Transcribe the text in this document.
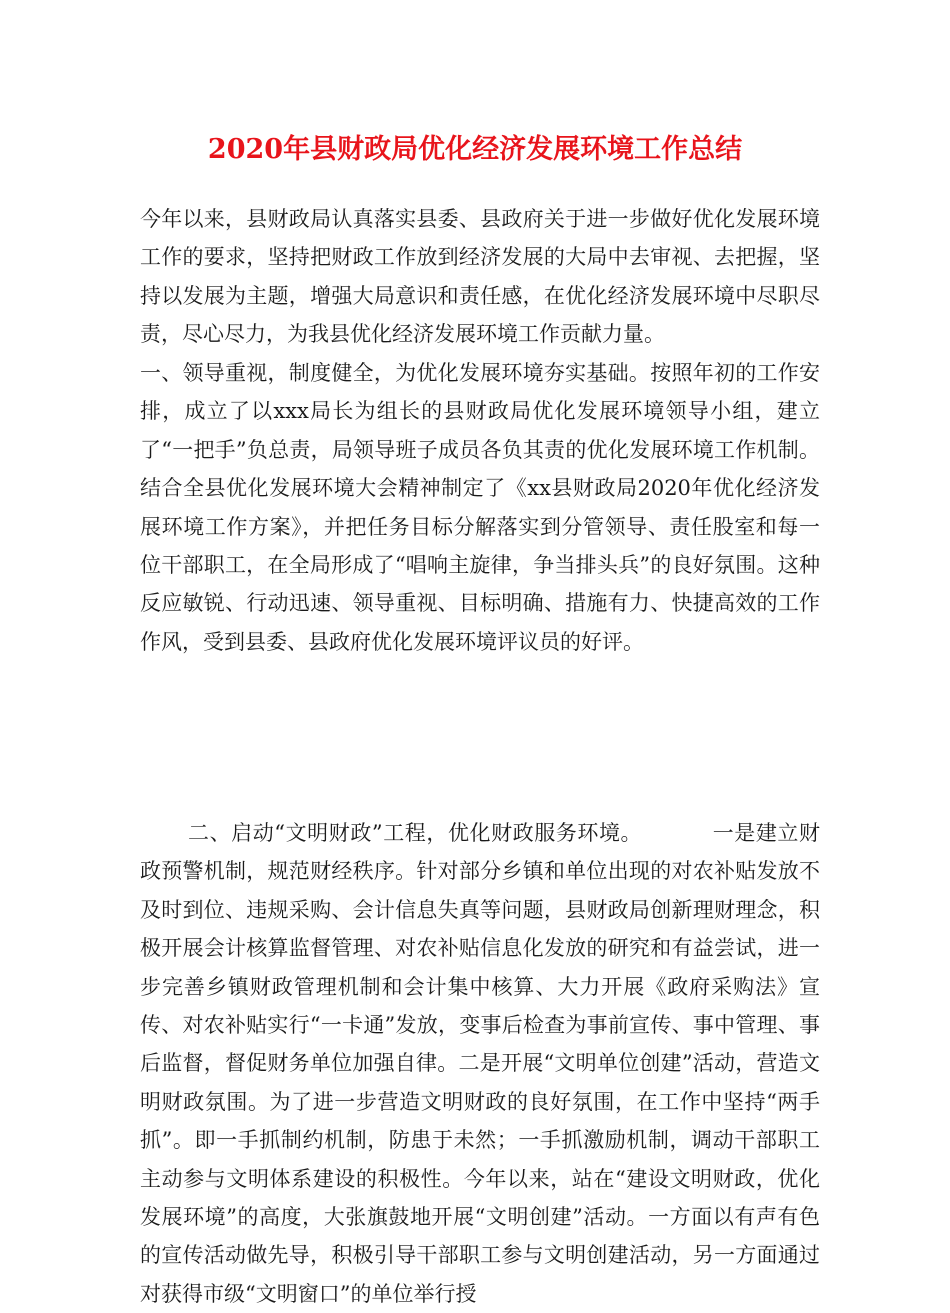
2020年县财政局优化经济发展环境工作总结

今年以来，县财政局认真落实县委、县政府关于进一步做好优化发展环境工作的要求，坚持把财政工作放到经济发展的大局中去审视、去把握，坚持以发展为主题，增强大局意识和责任感，在优化经济发展环境中尽职尽责，尽心尽力，为我县优化经济发展环境工作贡献力量。

一、领导重视，制度健全，为优化发展环境夯实基础。按照年初的工作安排，成立了以xxx局长为组长的县财政局优化发展环境领导小组，建立了“一把手”负总责，局领导班子成员各负其责的优化发展环境工作机制。结合全县优化发展环境大会精神制定了《xx县财政局2020年优化经济发展环境工作方案》，并把任务目标分解落实到分管领导、责任股室和每一位干部职工，在全局形成了“唱响主旋律，争当排头兵”的良好氛围。这种反应敏锐、行动迅速、领导重视、目标明确、措施有力、快捷高效的工作作风，受到县委、县政府优化发展环境评议员的好评。

二、启动“文明财政”工程，优化财政服务环境。	一是建立财政预警机制，规范财经秩序。针对部分乡镇和单位出现的对农补贴发放不及时到位、违规采购、会计信息失真等问题，县财政局创新理财理念，积极开展会计核算监督管理、对农补贴信息化发放的研究和有益尝试，进一步完善乡镇财政管理机制和会计集中核算、大力开展《政府采购法》宣传、对农补贴实行“一卡通”发放，变事后检查为事前宣传、事中管理、事后监督，督促财务单位加强自律。二是开展“文明单位创建”活动，营造文明财政氛围。为了进一步营造文明财政的良好氛围，在工作中坚持“两手抓”。即一手抓制约机制，防患于未然；一手抓激励机制，调动干部职工主动参与文明体系建设的积极性。今年以来，站在“建设文明财政，优化发展环境”的高度，大张旗鼓地开展“文明创建”活动。一方面以有声有色的宣传活动做先导，积极引导干部职工参与文明创建活动，另一方面通过对获得市级“文明窗口”的单位举行授
